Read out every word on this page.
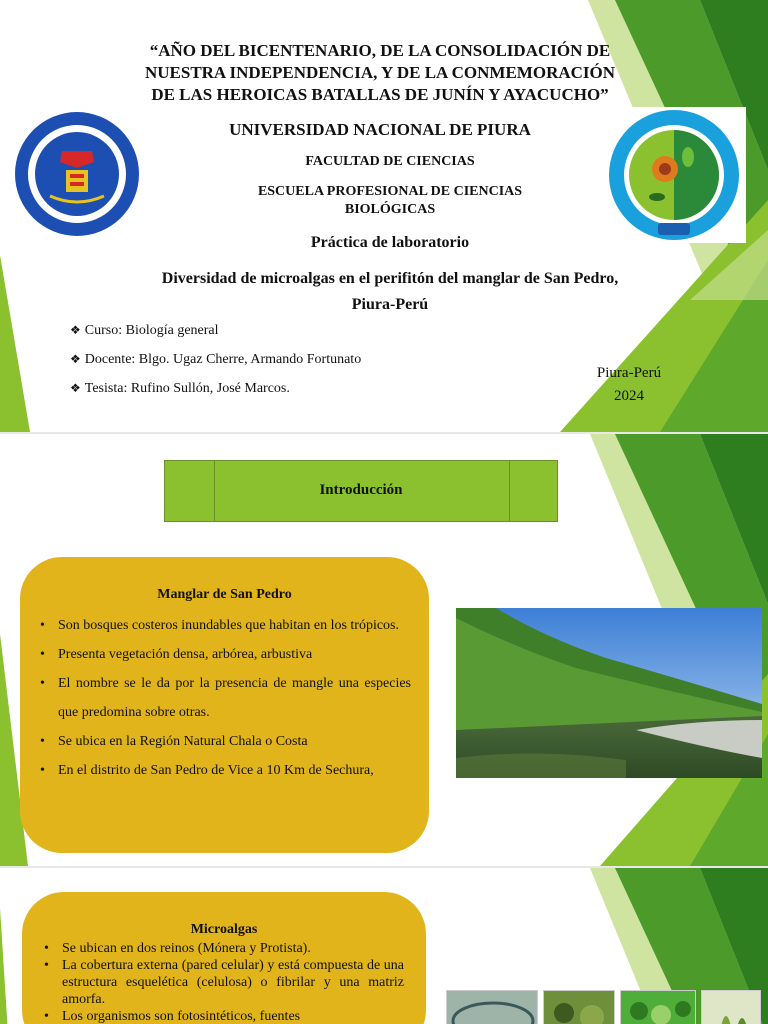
“AÑO DEL BICENTENARIO, DE LA CONSOLIDACIÓN DE
NUESTRA INDEPENDENCIA, Y DE LA CONMEMORACIÓN
DE LAS HEROICAS BATALLAS DE JUNÍN Y AYACUCHO”
UNIVERSIDAD NACIONAL DE PIURA
FACULTAD DE CIENCIAS
ESCUELA PROFESIONAL DE CIENCIAS
BIOLÓGICAS
Práctica de laboratorio
Diversidad de microalgas en el perifitón del manglar de San Pedro,
Piura-Perú
❖ Curso: Biología general
❖ Docente: Blgo. Ugaz Cherre, Armando Fortunato
❖ Tesista: Rufino Sullón, José Marcos.
Piura-Perú
2024
Introducción
Manglar de San Pedro
• Son bosques costeros inundables que habitan en los trópicos.
• Presenta vegetación densa, arbórea, arbustiva
• El nombre se le da por la presencia de mangle una especies que predomina sobre otras.
• Se ubica en la Región Natural Chala o Costa
• En el distrito de San Pedro de Vice a 10 Km de Sechura,
Microalgas
• Se ubican en dos reinos (Mónera y Protista).
• La cobertura externa (pared celular) y está compuesta de una estructura esquelética (celulosa) o fibrilar y una matriz amorfa.
• Los organismos son fotosintéticos, fuentes
